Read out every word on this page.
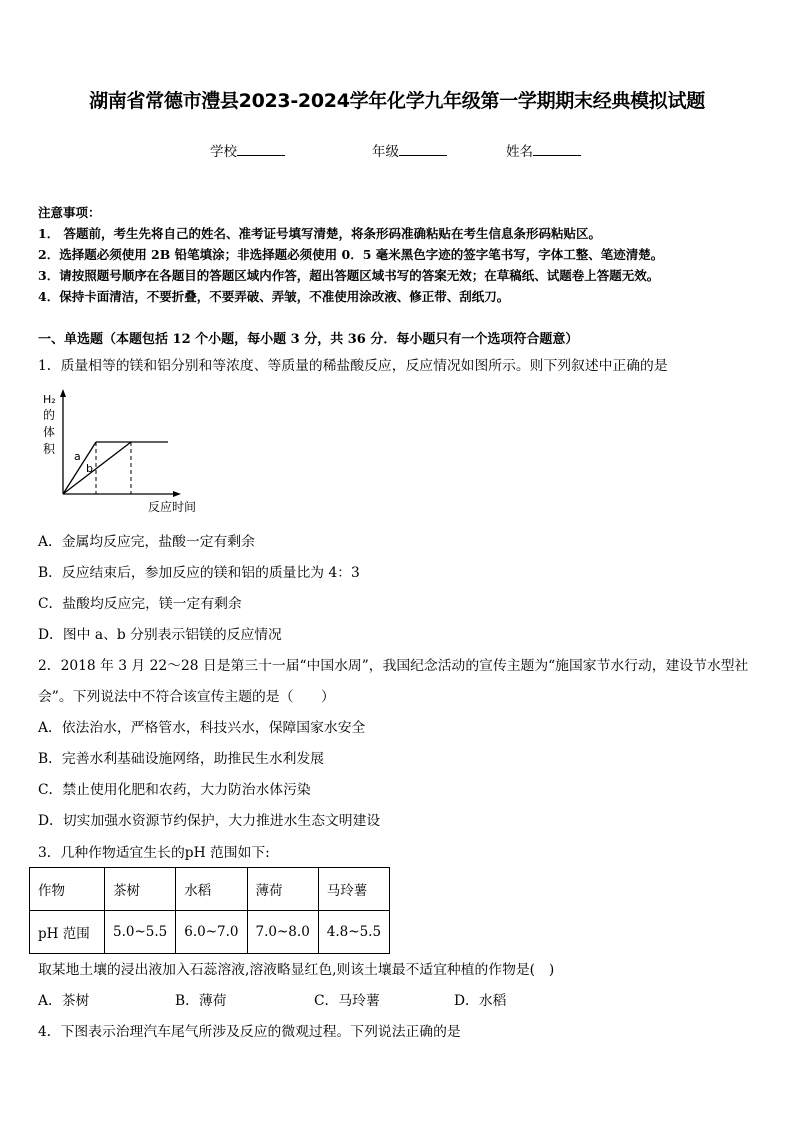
湖南省常德市澧县2023-2024学年化学九年级第一学期期末经典模拟试题
学校	年级	姓名
注意事项：
1． 答题前，考生先将自己的姓名、准考证号填写清楚，将条形码准确粘贴在考生信息条形码粘贴区。
2．选择题必须使用 2B 铅笔填涂；非选择题必须使用 0．5 毫米黑色字迹的签字笔书写，字体工整、笔迹清楚。
3．请按照题号顺序在各题目的答题区域内作答，超出答题区域书写的答案无效；在草稿纸、试题卷上答题无效。
4．保持卡面清洁，不要折叠，不要弄破、弄皱，不准使用涂改液、修正带、刮纸刀。
一、单选题（本题包括 12 个小题，每小题 3 分，共 36 分．每小题只有一个选项符合题意）
1．质量相等的镁和铝分别和等浓度、等质量的稀盐酸反应，反应情况如图所示。则下列叙述中正确的是
a
b
H₂
的
体
积
反应时间
A．金属均反应完，盐酸一定有剩余
B．反应结束后，参加反应的镁和铝的质量比为 4：3
C．盐酸均反应完，镁一定有剩余
D．图中 a、b 分别表示铝镁的反应情况
2．2018 年 3 月 22～28 日是第三十一届“中国水周”，我国纪念活动的宣传主题为“施国家节水行动，建设节水型社
会”。下列说法中不符合该宣传主题的是（　　）
A．依法治水，严格管水，科技兴水，保障国家水安全
B．完善水利基础设施网络，助推民生水利发展
C．禁止使用化肥和农药，大力防治水体污染
D．切实加强水资源节约保护，大力推进水生态文明建设
3．几种作物适宜生长的pH 范围如下:
作物	茶树	水稻	薄荷	马玲薯
pH 范围	5.0~5.5	6.0~7.0	7.0~8.0	4.8~5.5
取某地土壤的浸出液加入石蕊溶液,溶液略显红色,则该土壤最不适宜种植的作物是(　)
A．茶树	B．薄荷	C．马玲薯	D．水稻
4．下图表示治理汽车尾气所涉及反应的微观过程。下列说法正确的是
